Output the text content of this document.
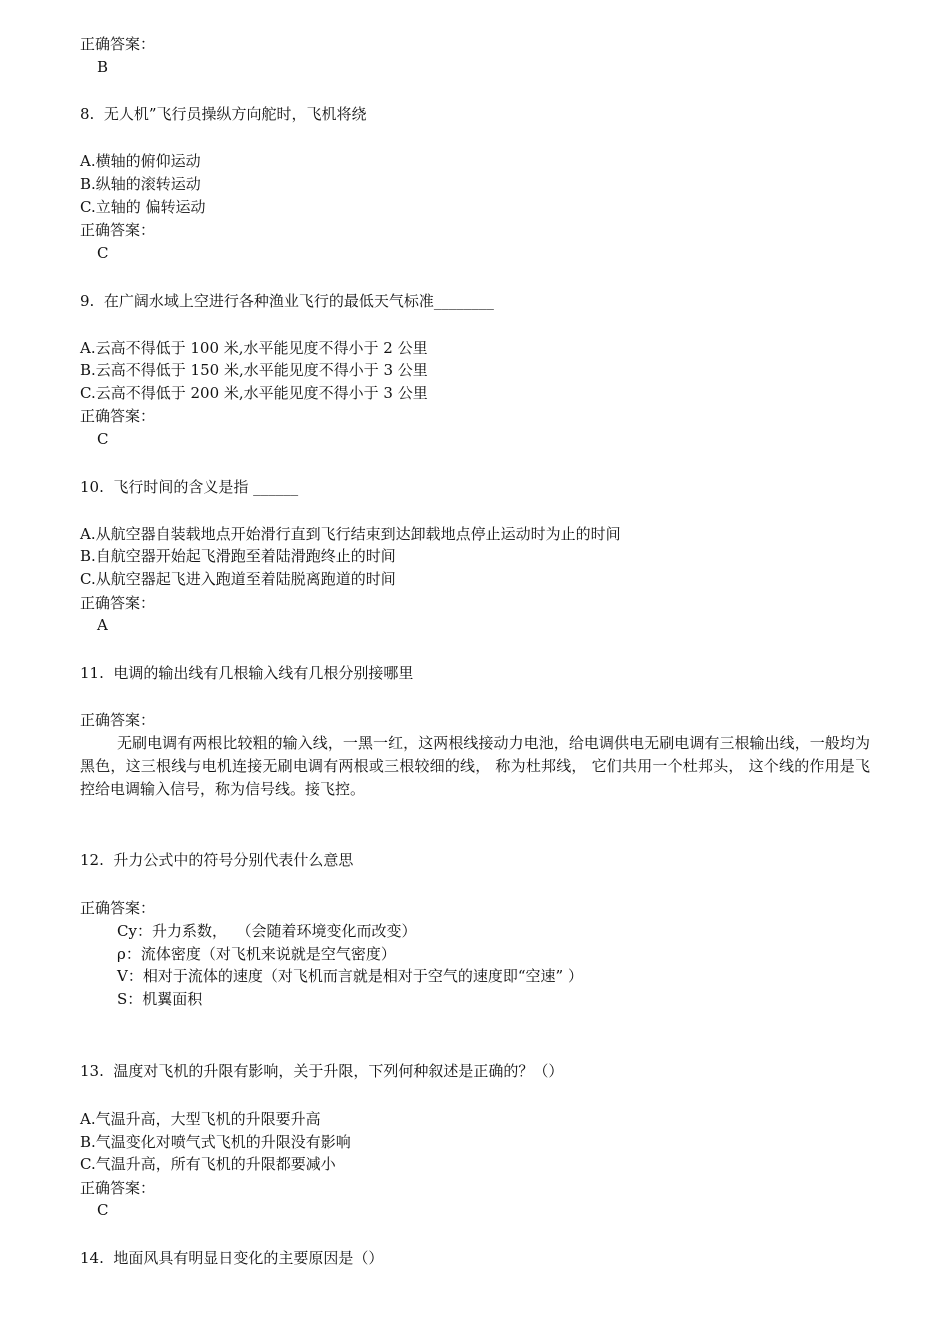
正确答案：
B
8.  无人机”飞行员操纵方向舵时，飞机将绕
A.横轴的俯仰运动
B.纵轴的滚转运动
C.立轴的 偏转运动
正确答案：
C
9.  在广阔水域上空进行各种渔业飞行的最低天气标准________
A.云高不得低于 100 米,水平能见度不得小于 2 公里
B.云高不得低于 150 米,水平能见度不得小于 3 公里
C.云高不得低于 200 米,水平能见度不得小于 3 公里
正确答案：
C
10.  飞行时间的含义是指 ______
A.从航空器自装载地点开始滑行直到飞行结束到达卸载地点停止运动时为止的时间
B.自航空器开始起飞滑跑至着陆滑跑终止的时间
C.从航空器起飞进入跑道至着陆脱离跑道的时间
正确答案：
A
11.  电调的输出线有几根输入线有几根分别接哪里
正确答案：
12.  升力公式中的符号分别代表什么意思
正确答案：
Cy：升力系数，  （会随着环境变化而改变）
ρ：流体密度（对飞机来说就是空气密度）
V：相对于流体的速度（对飞机而言就是相对于空气的速度即“空速” ）
S：机翼面积
13.  温度对飞机的升限有影响，关于升限，下列何种叙述是正确的？（）
A.气温升高，大型飞机的升限要升高
B.气温变化对喷气式飞机的升限没有影响
C.气温升高，所有飞机的升限都要减小
正确答案：
C
14.  地面风具有明显日变化的主要原因是（）
无刷电调有两根比较粗的输入线，一黑一红，这两根线接动力电池，给电调供电无刷电调有三根输出线，一般均为黑色，这三根线与电机连接无刷电调有两根或三根较细的线， 称为杜邦线， 它们共用一个杜邦头， 这个线的作用是飞控给电调输入信号，称为信号线。接飞控。
